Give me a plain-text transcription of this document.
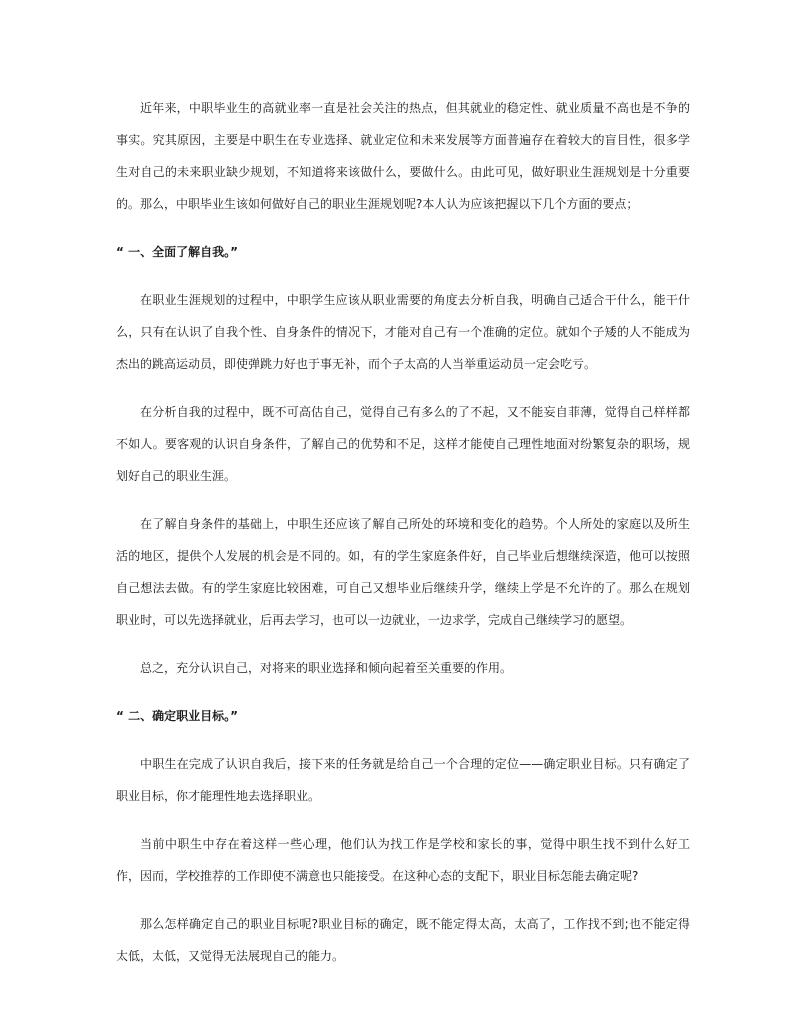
近年来，中职毕业生的高就业率一直是社会关注的热点，但其就业的稳定性、就业质量不高也是不争的事实。究其原因，主要是中职生在专业选择、就业定位和未来发展等方面普遍存在着较大的盲目性，很多学生对自己的未来职业缺少规划，不知道将来该做什么，要做什么。由此可见，做好职业生涯规划是十分重要的。那么，中职毕业生该如何做好自己的职业生涯规划呢?本人认为应该把握以下几个方面的要点；

“ 一、全面了解自我。”

在职业生涯规划的过程中，中职学生应该从职业需要的角度去分析自我，明确自己适合干什么，能干什么，只有在认识了自我个性、自身条件的情况下，才能对自己有一个准确的定位。就如个子矮的人不能成为杰出的跳高运动员，即使弹跳力好也于事无补，而个子太高的人当举重运动员一定会吃亏。

在分析自我的过程中，既不可高估自己，觉得自己有多么的了不起，又不能妄自菲薄，觉得自己样样都不如人。要客观的认识自身条件，了解自己的优势和不足，这样才能使自己理性地面对纷繁复杂的职场，规划好自己的职业生涯。

在了解自身条件的基础上，中职生还应该了解自己所处的环境和变化的趋势。个人所处的家庭以及所生活的地区，提供个人发展的机会是不同的。如，有的学生家庭条件好，自己毕业后想继续深造，他可以按照自己想法去做。有的学生家庭比较困难，可自己又想毕业后继续升学，继续上学是不允许的了。那么在规划职业时，可以先选择就业，后再去学习，也可以一边就业，一边求学，完成自己继续学习的愿望。

总之，充分认识自己，对将来的职业选择和倾向起着至关重要的作用。

“ 二、确定职业目标。”

中职生在完成了认识自我后，接下来的任务就是给自己一个合理的定位——确定职业目标。只有确定了职业目标，你才能理性地去选择职业。

当前中职生中存在着这样一些心理，他们认为找工作是学校和家长的事，觉得中职生找不到什么好工作，因而，学校推荐的工作即使不满意也只能接受。在这种心态的支配下，职业目标怎能去确定呢?

那么怎样确定自己的职业目标呢?职业目标的确定，既不能定得太高，太高了，工作找不到;也不能定得太低，太低，又觉得无法展现自己的能力。
